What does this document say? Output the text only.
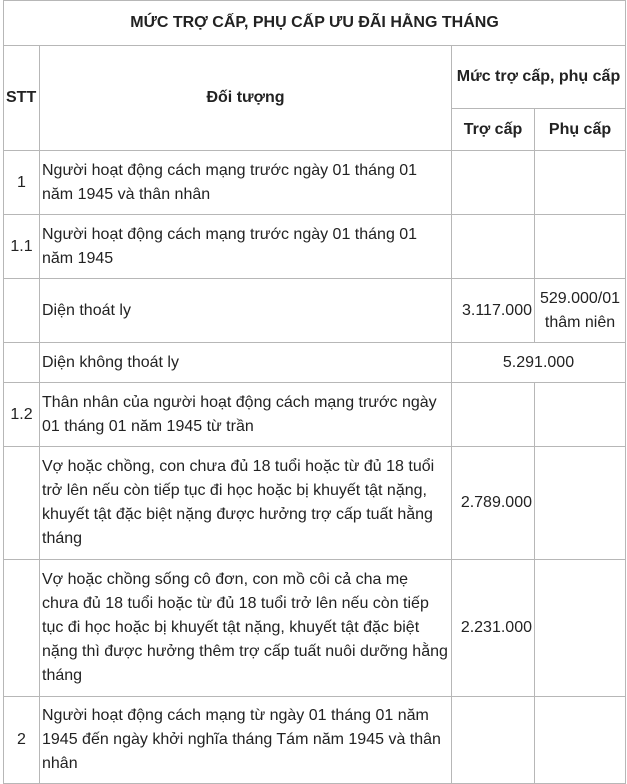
MỨC TRỢ CẤP, PHỤ CẤP ƯU ĐÃI HẰNG THÁNG			
STT	Đối tượng	Mức trợ cấp, phụ cấp	
		Trợ cấp	Phụ cấp
1	Người hoạt động cách mạng trước ngày 01 tháng 01 năm 1945 và thân nhân		
1.1	Người hoạt động cách mạng trước ngày 01 tháng 01 năm 1945		
	Diện thoát ly	3.117.000	529.000/01 thâm niên
	Diện không thoát ly	5.291.000	
1.2	Thân nhân của người hoạt động cách mạng trước ngày 01 tháng 01 năm 1945 từ trần		
	Vợ hoặc chồng, con chưa đủ 18 tuổi hoặc từ đủ 18 tuổi trở lên nếu còn tiếp tục đi học hoặc bị khuyết tật nặng, khuyết tật đặc biệt nặng được hưởng trợ cấp tuất hằng tháng	2.789.000	
	Vợ hoặc chồng sống cô đơn, con mồ côi cả cha mẹ chưa đủ 18 tuổi hoặc từ đủ 18 tuổi trở lên nếu còn tiếp tục đi học hoặc bị khuyết tật nặng, khuyết tật đặc biệt nặng thì được hưởng thêm trợ cấp tuất nuôi dưỡng hằng tháng	2.231.000	
2	Người hoạt động cách mạng từ ngày 01 tháng 01 năm 1945 đến ngày khởi nghĩa tháng Tám năm 1945 và thân nhân		
